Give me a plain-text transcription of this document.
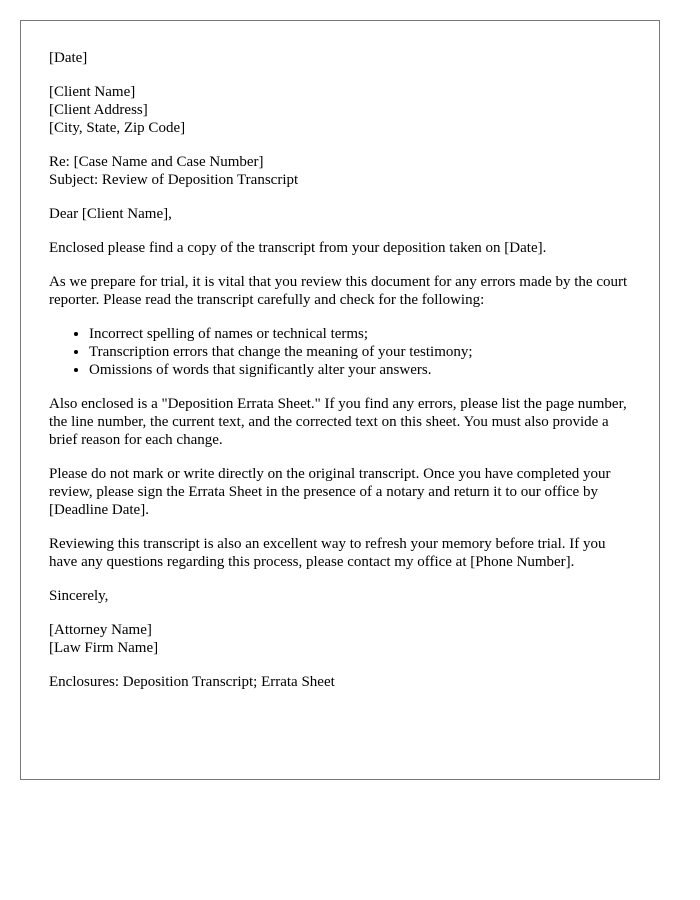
[Date]

[Client Name]
[Client Address]
[City, State, Zip Code]
Re: [Case Name and Case Number]
Subject: Review of Deposition Transcript

Dear [Client Name],

Enclosed please find a copy of the transcript from your deposition taken on [Date].

As we prepare for trial, it is vital that you review this document for any errors made by the court reporter. Please read the transcript carefully and check for the following:

• Incorrect spelling of names or technical terms;
• Transcription errors that change the meaning of your testimony;
• Omissions of words that significantly alter your answers.

Also enclosed is a "Deposition Errata Sheet." If you find any errors, please list the page number, the line number, the current text, and the corrected text on this sheet. You must also provide a brief reason for each change.

Please do not mark or write directly on the original transcript. Once you have completed your review, please sign the Errata Sheet in the presence of a notary and return it to our office by [Deadline Date].

Reviewing this transcript is also an excellent way to refresh your memory before trial. If you have any questions regarding this process, please contact my office at [Phone Number].

Sincerely,

[Attorney Name]
[Law Firm Name]

Enclosures: Deposition Transcript; Errata Sheet
